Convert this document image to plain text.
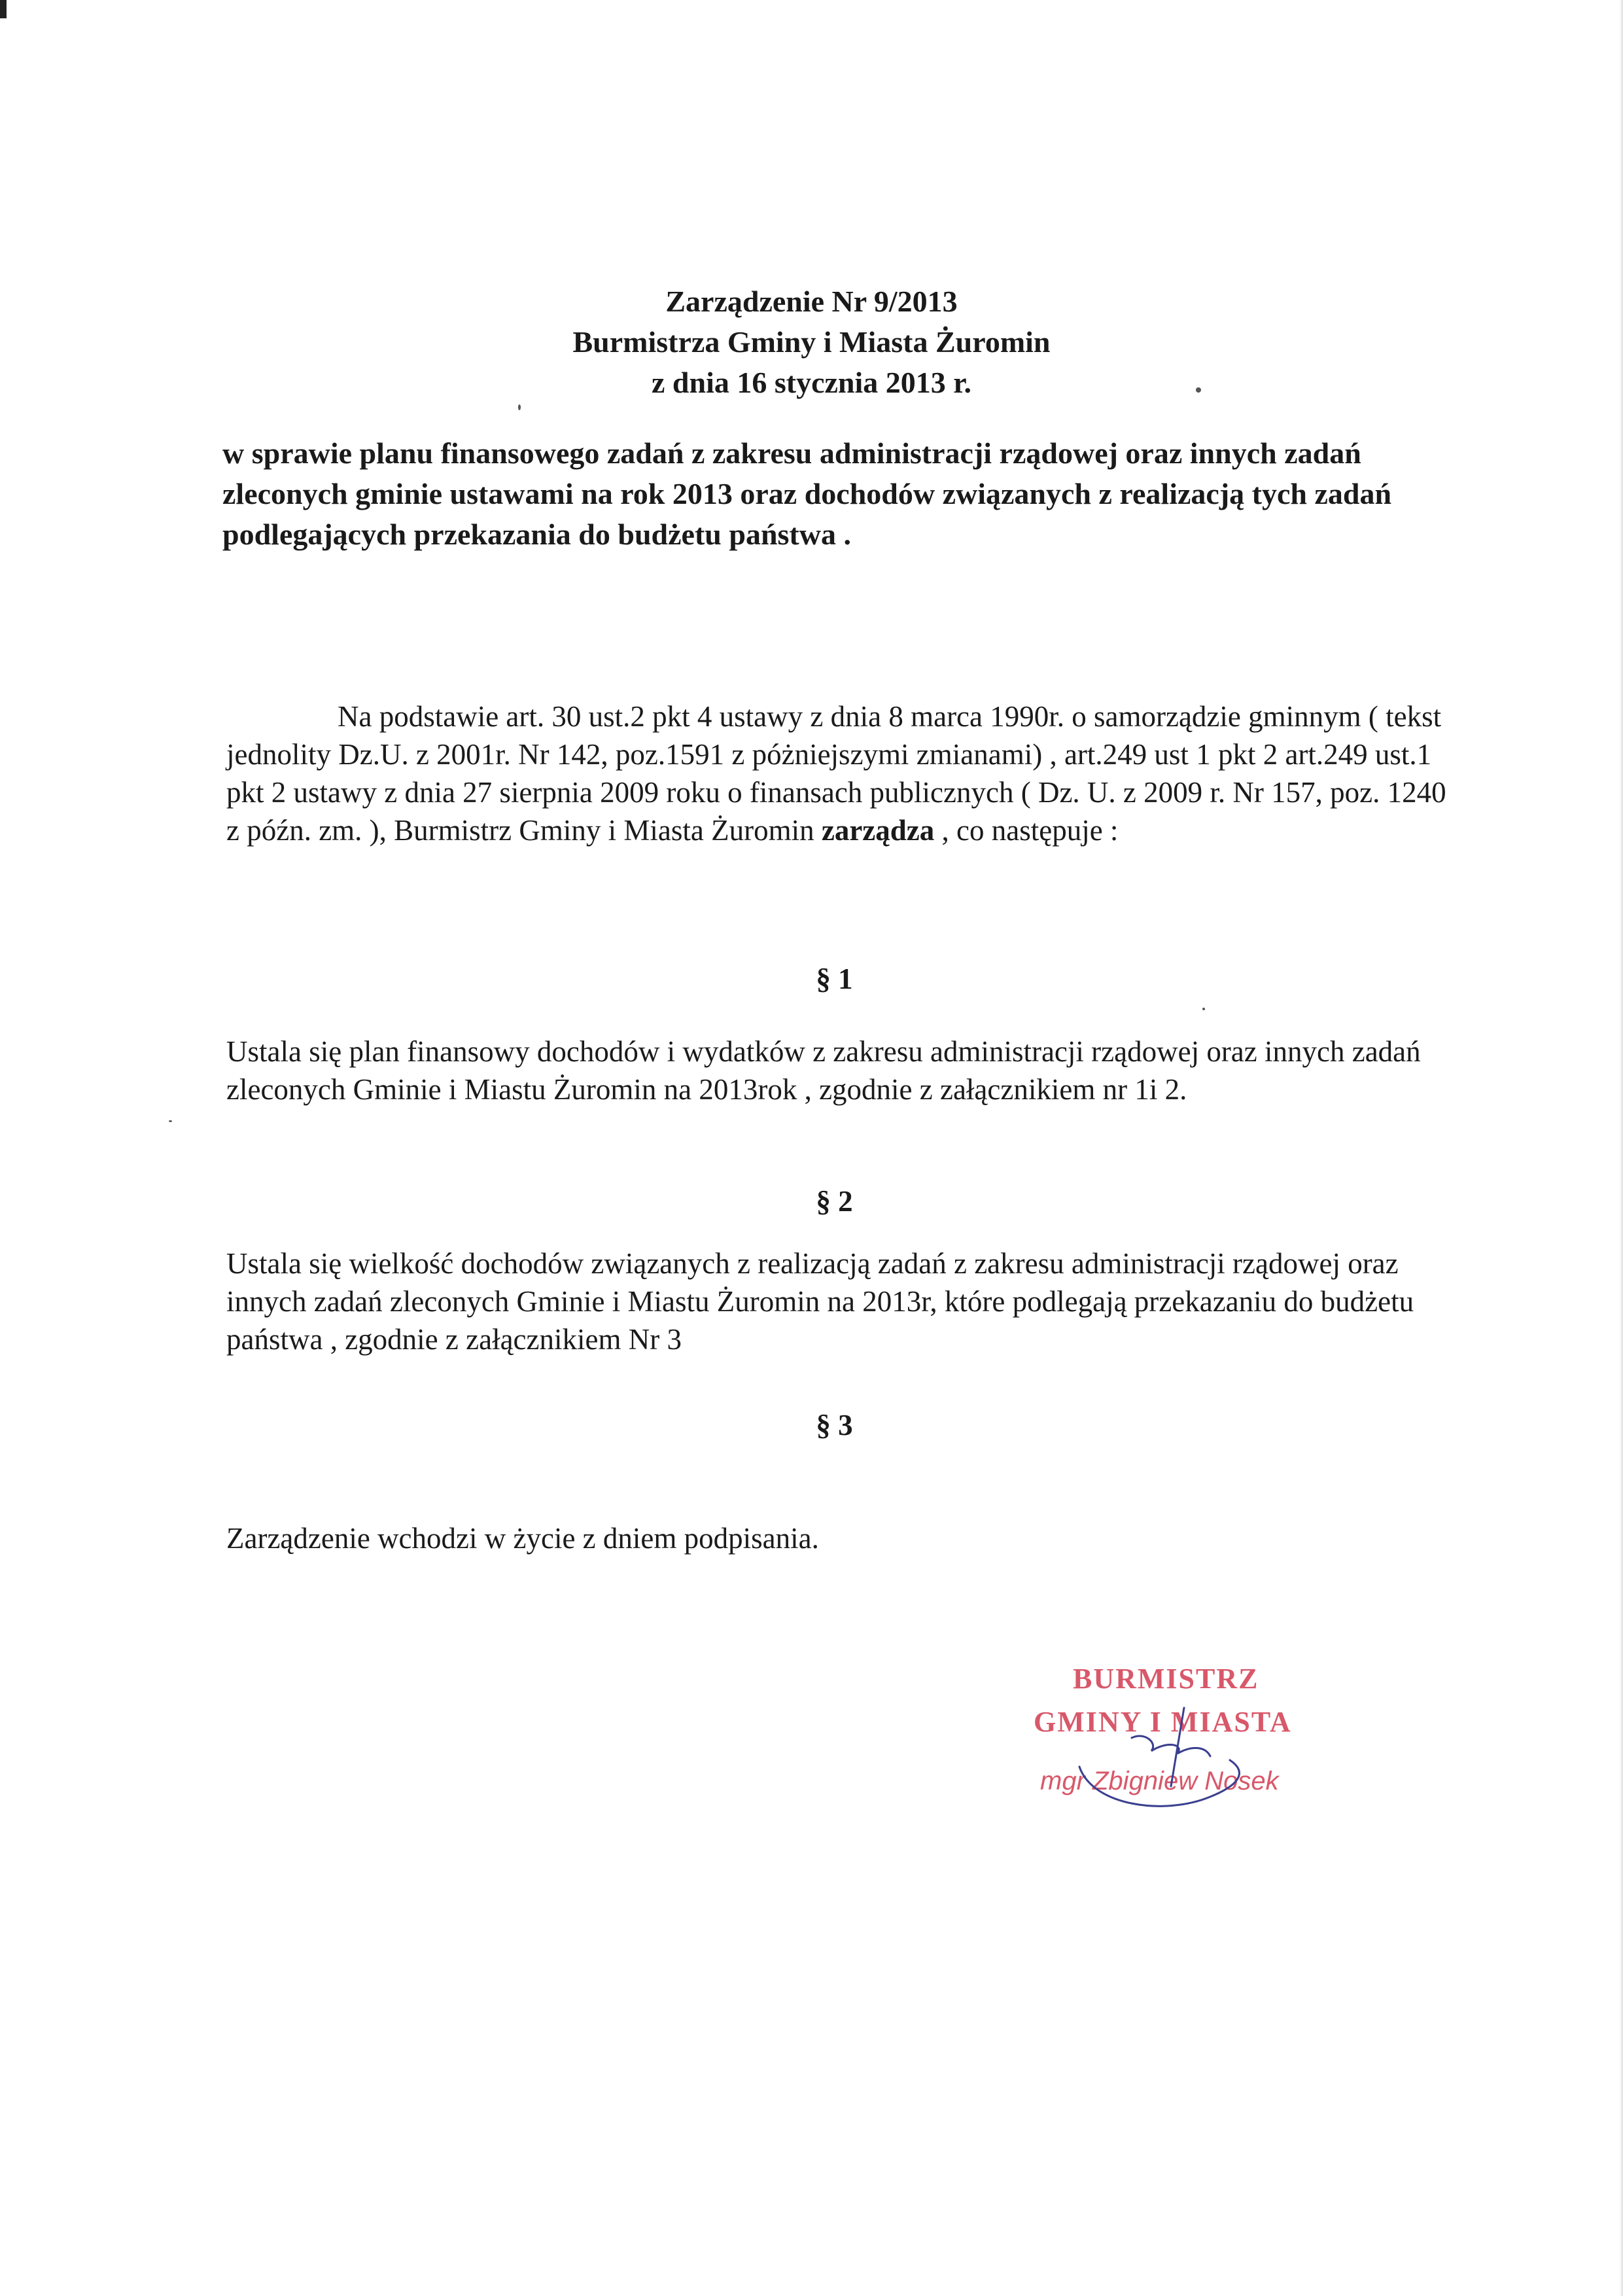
Zarządzenie Nr 9/2013
Burmistrza Gminy i Miasta Żuromin
z dnia 16 stycznia 2013 r.
w sprawie planu finansowego zadań z zakresu administracji rządowej oraz innych zadań zleconych gminie ustawami na rok 2013 oraz dochodów związanych z realizacją tych zadań podlegających przekazania do budżetu państwa .
Na podstawie art. 30 ust.2 pkt 4 ustawy z dnia 8 marca 1990r. o samorządzie gminnym ( tekst jednolity Dz.U. z 2001r. Nr 142, poz.1591 z póżniejszymi zmianami) , art.249 ust 1 pkt 2 art.249 ust.1 pkt 2 ustawy z dnia 27 sierpnia 2009 roku o finansach publicznych ( Dz. U. z 2009 r. Nr 157, poz. 1240 z późn. zm. ), Burmistrz Gminy i Miasta Żuromin zarządza , co następuje :
§ 1
Ustala się plan finansowy dochodów i wydatków z zakresu administracji rządowej oraz innych zadań zleconych Gminie i Miastu Żuromin na 2013rok , zgodnie z załącznikiem nr 1i 2.
§ 2
Ustala się wielkość dochodów związanych z realizacją zadań z zakresu administracji rządowej oraz innych zadań zleconych Gminie i Miastu Żuromin na 2013r, które podlegają przekazaniu do budżetu państwa , zgodnie z załącznikiem Nr 3
§ 3
Zarządzenie wchodzi w życie z dniem podpisania.
BURMISTRZ
GMINY I MIASTA
mgr Zbigniew Nosek
